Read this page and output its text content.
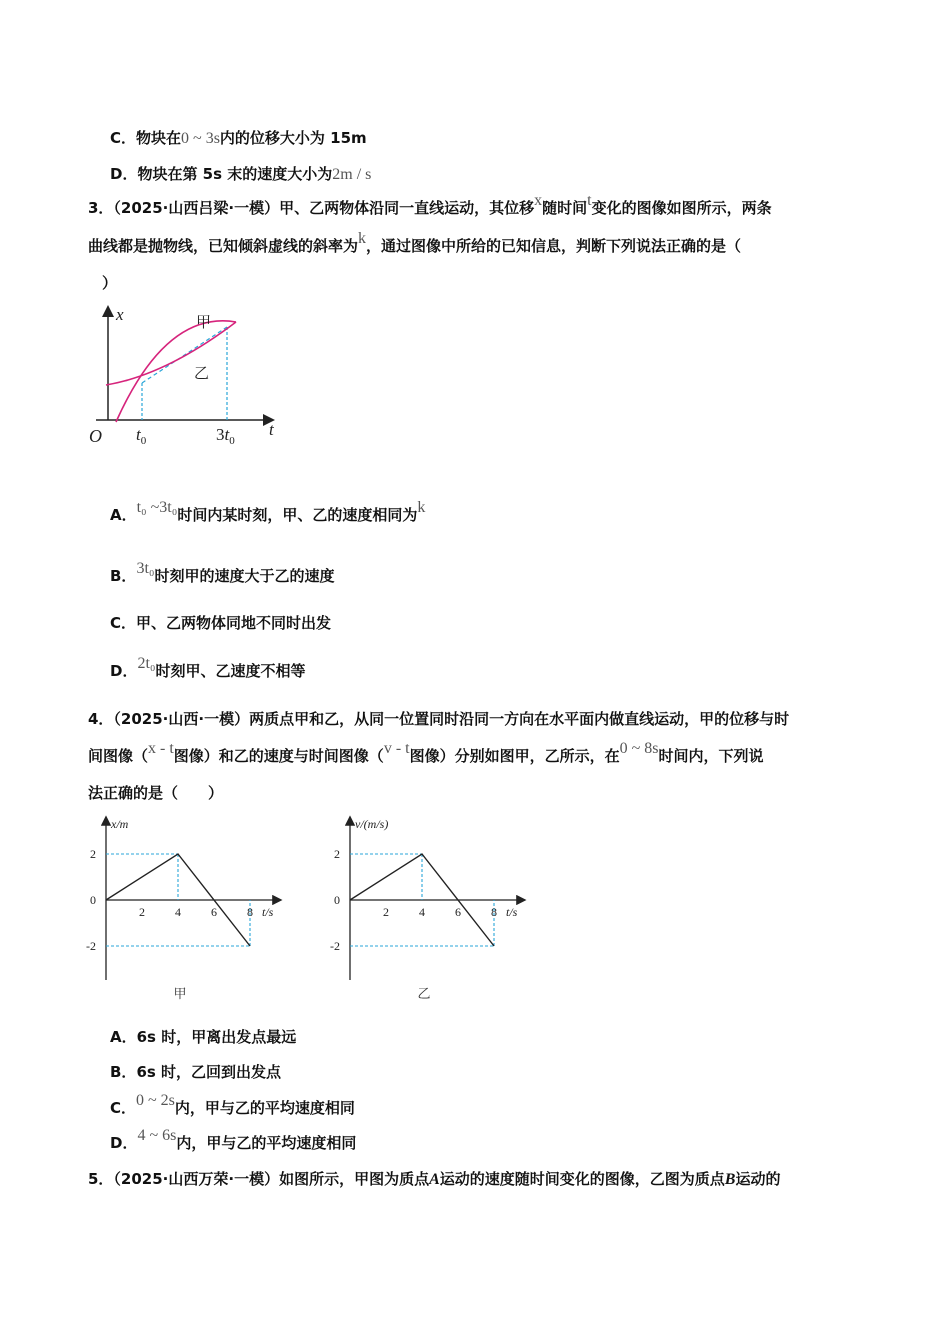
C．物块在0 ~ 3s内的位移大小为 15m
D．物块在第 5s 末的速度大小为2m / s
3．（2025·山西吕梁·一模）甲、乙两物体沿同一直线运动，其位移x随时间t变化的图像如图所示，两条
曲线都是抛物线，已知倾斜虚线的斜率为k，通过图像中所给的已知信息，判断下列说法正确的是（
）
x
t
O
甲
乙
$t_0$	$3t_0$
A．t₀ ~3t₀时间内某时刻，甲、乙的速度相同为k
B．3t₀时刻甲的速度大于乙的速度
C．甲、乙两物体同地不同时出发
D．2t₀时刻甲、乙速度不相等
4．（2025·山西·一模）两质点甲和乙，从同一位置同时沿同一方向在水平面内做直线运动，甲的位移与时
间图像（x - t图像）和乙的速度与时间图像（v - t图像）分别如图甲，乙所示，在0 ~ 8s时间内，下列说
法正确的是（　　）
2
0
-2
2	4	6	8
x/m
t/s
甲
2
0
-2
2	4	6	8
v/(m/s)
t/s
乙
A．6s 时，甲离出发点最远
B．6s 时，乙回到出发点
C．0 ~ 2s内，甲与乙的平均速度相同
D．4 ~ 6s内，甲与乙的平均速度相同
5．（2025·山西万荣·一模）如图所示，甲图为质点A运动的速度随时间变化的图像，乙图为质点B运动的
